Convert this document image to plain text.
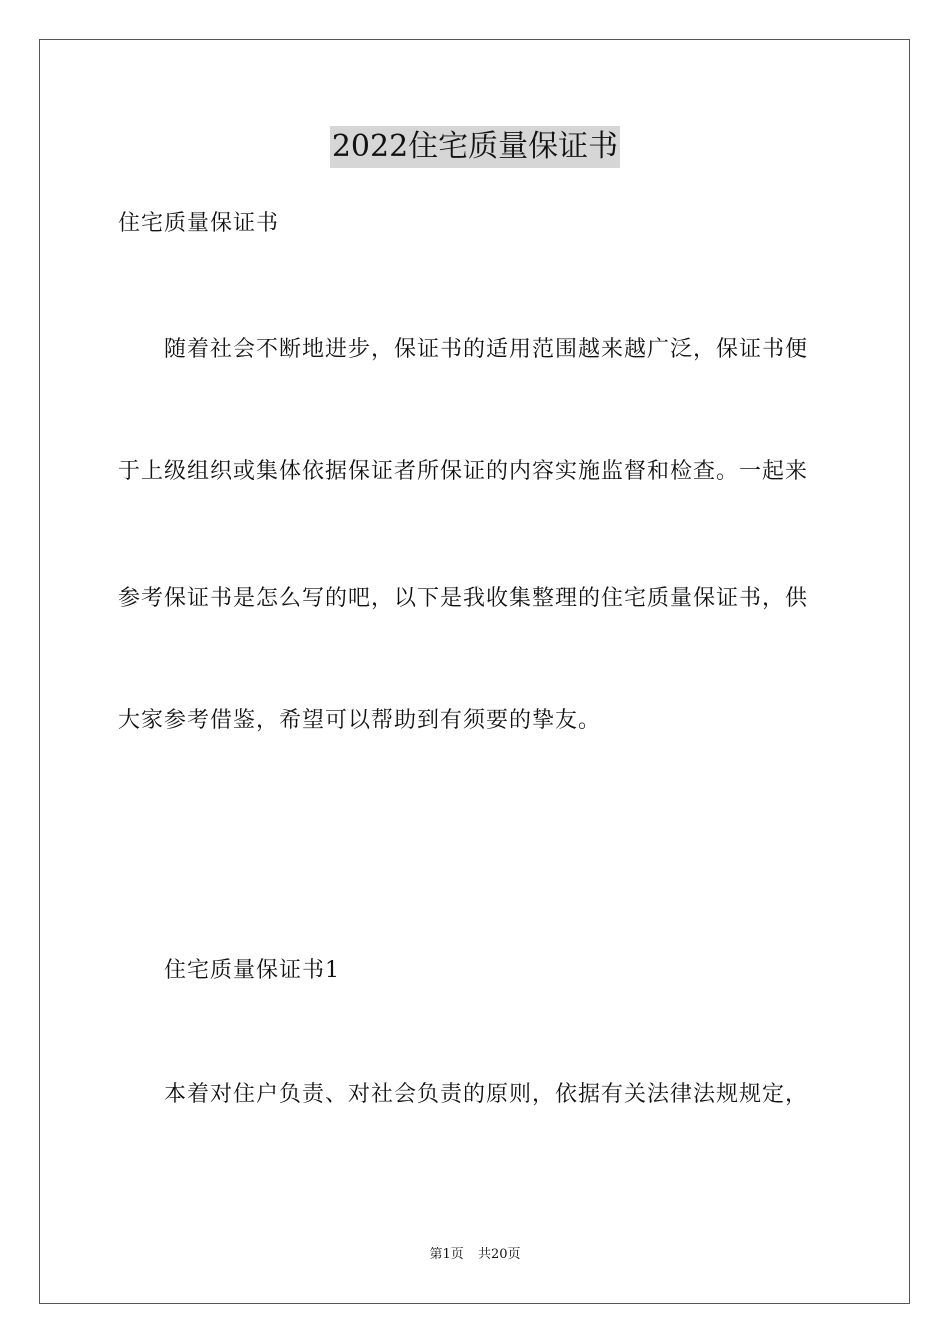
2022住宅质量保证书
住宅质量保证书
随着社会不断地进步，保证书的适用范围越来越广泛，保证书便
于上级组织或集体依据保证者所保证的内容实施监督和检查。一起来
参考保证书是怎么写的吧，以下是我收集整理的住宅质量保证书，供
大家参考借鉴，希望可以帮助到有须要的挚友。
住宅质量保证书1
本着对住户负责、对社会负责的原则，依据有关法律法规规定，
第1页 共20页
